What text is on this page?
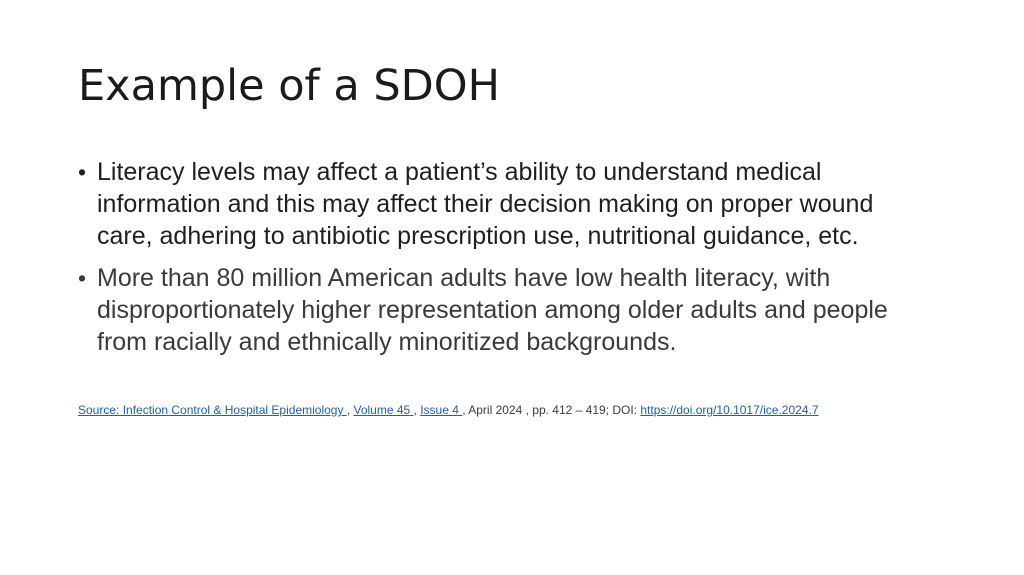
Example of a SDOH
• Literacy levels may affect a patient’s ability to understand medical information and this may affect their decision making on proper wound care, adhering to antibiotic prescription use, nutritional guidance, etc.
• More than 80 million American adults have low health literacy, with disproportionately higher representation among older adults and people from racially and ethnically minoritized backgrounds.
Source: Infection Control & Hospital Epidemiology , Volume 45 , Issue 4 , April 2024 , pp. 412 – 419; DOI: https://doi.org/10.1017/ice.2024.7
